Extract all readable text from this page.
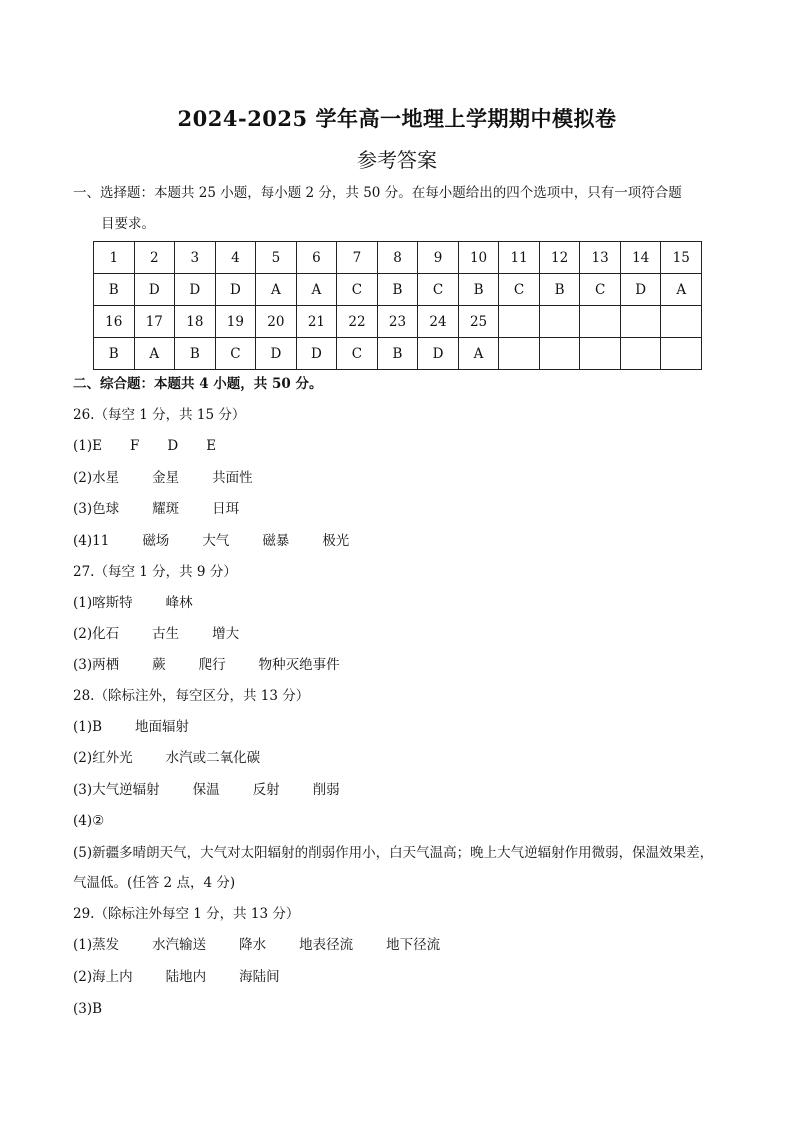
2024-2025 学年高一地理上学期期中模拟卷
参考答案
一、选择题：本题共 25 小题，每小题 2 分，共 50 分。在每小题给出的四个选项中，只有一项符合题
目要求。
1	2	3	4	5	6	7	8	9	10	11	12	13	14	15
B	D	D	D	A	A	C	B	C	B	C	B	C	D	A
16	17	18	19	20	21	22	23	24	25					
B	A	B	C	D	D	C	B	D	A					
二、综合题：本题共 4 小题，共 50 分。
26.（每空 1 分，共 15 分）
(1)E F D E
(2)水星 金星 共面性
(3)色球 耀斑 日珥
(4)11 磁场 大气 磁暴 极光
27.（每空 1 分，共 9 分）
(1)喀斯特 峰林
(2)化石 古生 增大
(3)两栖 蕨 爬行 物种灭绝事件
28.（除标注外，每空区分，共 13 分）
(1)B 地面辐射
(2)红外光 水汽或二氧化碳
(3)大气逆辐射 保温 反射 削弱
(4)②
(5)新疆多晴朗天气，大气对太阳辐射的削弱作用小，白天气温高；晚上大气逆辐射作用微弱，保温效果差，
气温低。(任答 2 点，4 分)
29.（除标注外每空 1 分，共 13 分）
(1)蒸发 水汽输送 降水 地表径流 地下径流
(2)海上内 陆地内 海陆间
(3)B
